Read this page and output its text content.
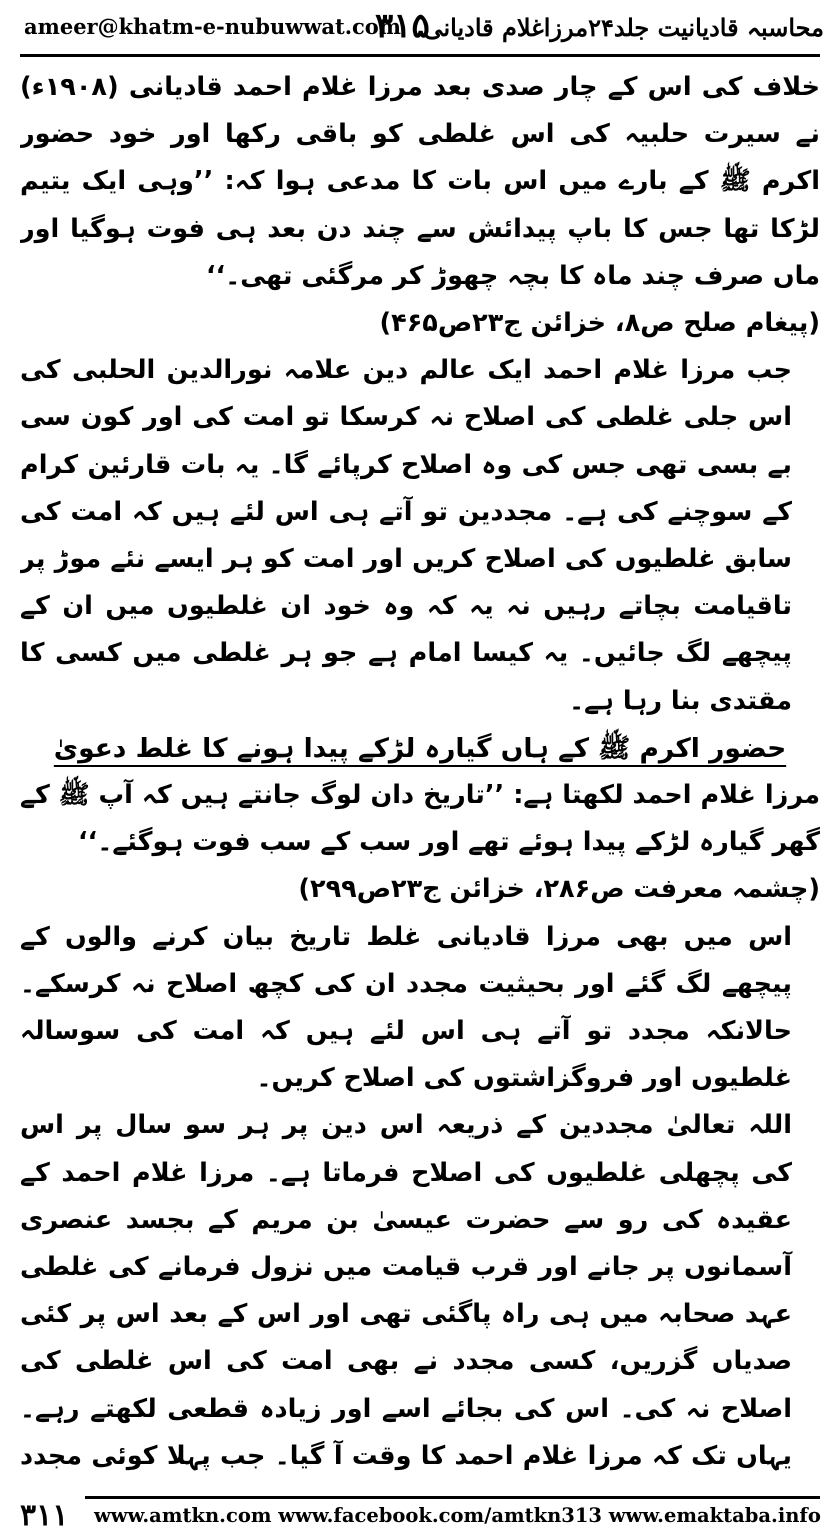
ameer@khatm-e-nubuwwat.com
۳۱۵
محاسبہ قادیانیت جلد۲۴مرزاغلام قادیانی

خلاف کی اس کے چار صدی بعد مرزا غلام احمد قادیانی (۱۹۰۸ء) نے سیرت حلبیہ کی اس غلطی کو باقی رکھا اور خود حضور اکرم ﷺ کے بارے میں اس بات کا مدعی ہوا کہ: ’’وہی ایک یتیم لڑکا تھا جس کا باپ پیدائش سے چند دن بعد ہی فوت ہوگیا اور ماں صرف چند ماہ کا بچہ چھوڑ کر مرگئی تھی۔‘‘

(پیغام صلح ص۸، خزائن ج۲۳ص۴۶۵)

جب مرزا غلام احمد ایک عالم دین علامہ نورالدین الحلبی کی اس جلی غلطی کی اصلاح نہ کرسکا تو امت کی اور کون سی بے بسی تھی جس کی وہ اصلاح کرپائے گا۔ یہ بات قارئین کرام کے سوچنے کی ہے۔ مجددین تو آتے ہی اس لئے ہیں کہ امت کی سابق غلطیوں کی اصلاح کریں اور امت کو ہر ایسے نئے موڑ پر تاقیامت بچاتے رہیں نہ یہ کہ وہ خود ان غلطیوں میں ان کے پیچھے لگ جائیں۔ یہ کیسا امام ہے جو ہر غلطی میں کسی کا مقتدی بنا رہا ہے۔

حضور اکرم ﷺ کے ہاں گیارہ لڑکے پیدا ہونے کا غلط دعویٰ

مرزا غلام احمد لکھتا ہے: ’’تاریخ دان لوگ جانتے ہیں کہ آپ ﷺ کے گھر گیارہ لڑکے پیدا ہوئے تھے اور سب کے سب فوت ہوگئے۔‘‘

(چشمہ معرفت ص۲۸۶، خزائن ج۲۳ص۲۹۹)

اس میں بھی مرزا قادیانی غلط تاریخ بیان کرنے والوں کے پیچھے لگ گئے اور بحیثیت مجدد ان کی کچھ اصلاح نہ کرسکے۔ حالانکہ مجدد تو آتے ہی اس لئے ہیں کہ امت کی سوسالہ غلطیوں اور فروگزاشتوں کی اصلاح کریں۔

اللہ تعالیٰ مجددین کے ذریعہ اس دین پر ہر سو سال پر اس کی پچھلی غلطیوں کی اصلاح فرماتا ہے۔ مرزا غلام احمد کے عقیدہ کی رو سے حضرت عیسیٰ بن مریم کے بجسد عنصری آسمانوں پر جانے اور قرب قیامت میں نزول فرمانے کی غلطی عہد صحابہ میں ہی راہ پاگئی تھی اور اس کے بعد اس پر کئی صدیاں گزریں، کسی مجدد نے بھی امت کی اس غلطی کی اصلاح نہ کی۔ اس کی بجائے اسے اور زیادہ قطعی لکھتے رہے۔ یہاں تک کہ مرزا غلام احمد کا وقت آ گیا۔ جب پہلا کوئی مجدد

۳۱۱ www.amtkn.com www.facebook.com/amtkn313 www.emaktaba.info
